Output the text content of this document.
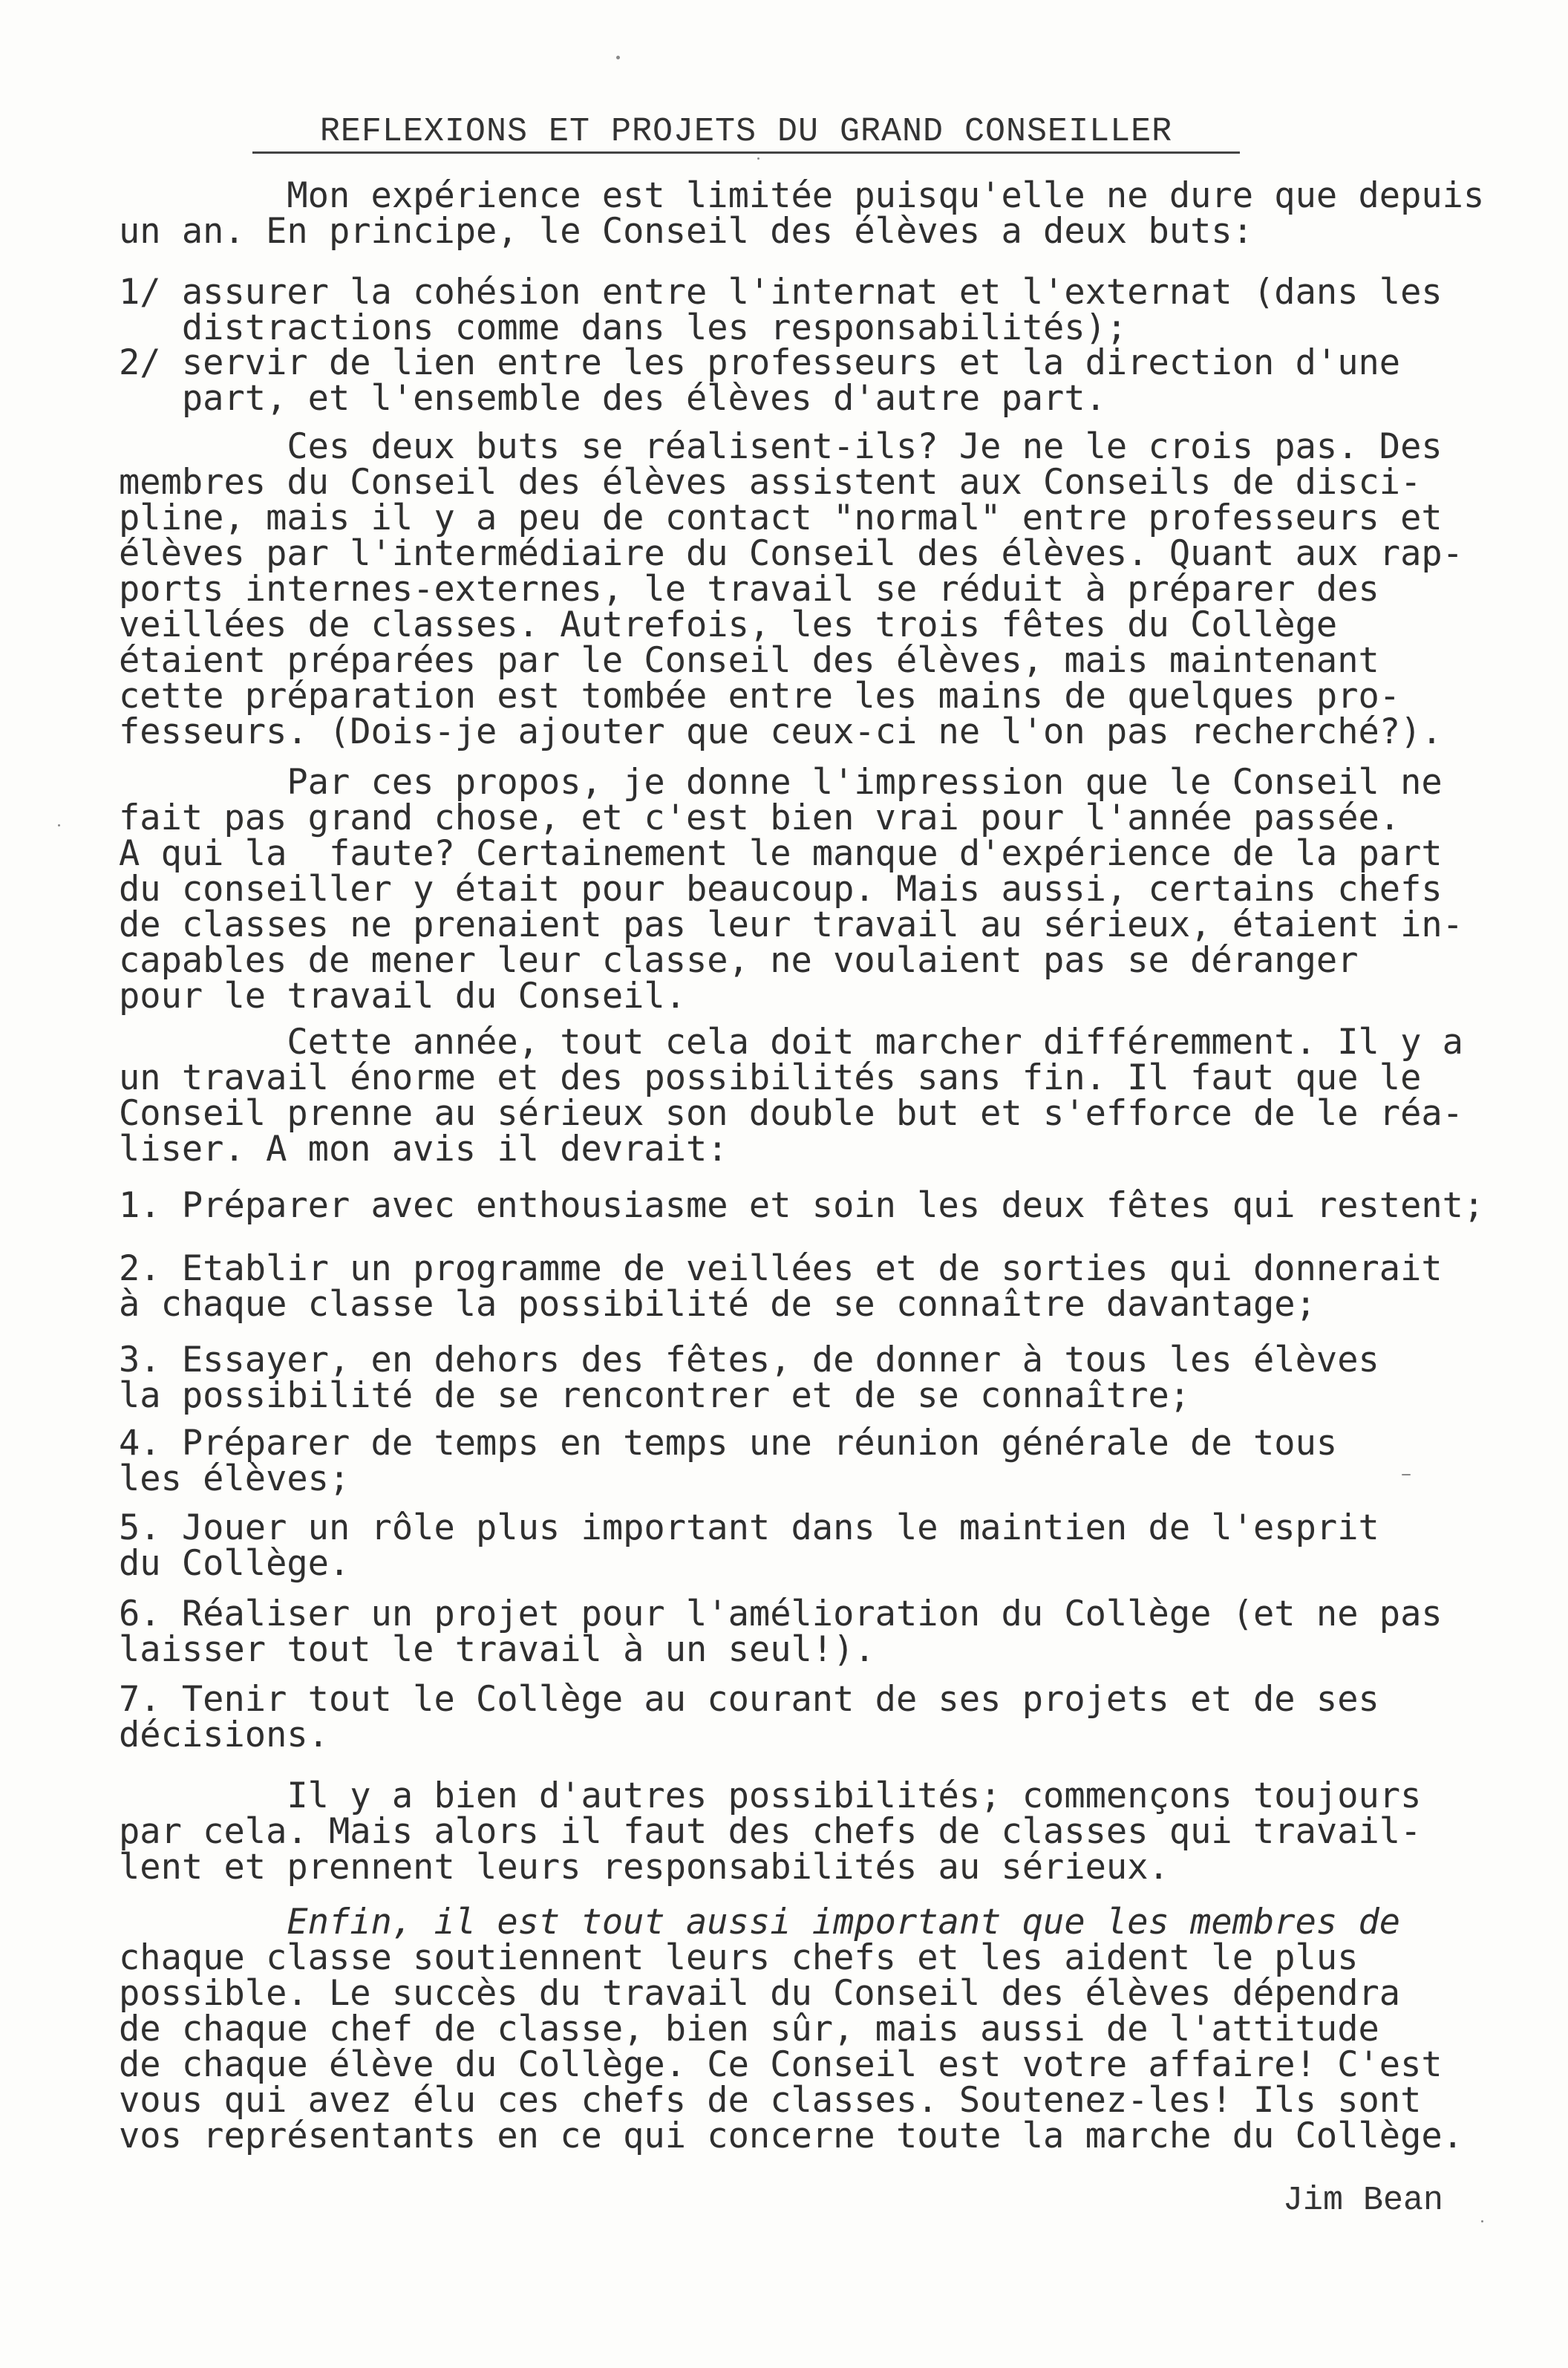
REFLEXIONS ET PROJETS DU GRAND CONSEILLER
Mon expérience est limitée puisqu'elle ne dure que depuis
un an. En principe, le Conseil des élèves a deux buts:
1/ assurer la cohésion entre l'internat et l'externat (dans les
distractions comme dans les responsabilités);
2/ servir de lien entre les professeurs et la direction d'une
part, et l'ensemble des élèves d'autre part.
Ces deux buts se réalisent-ils? Je ne le crois pas. Des
membres du Conseil des élèves assistent aux Conseils de disci-
pline, mais il y a peu de contact "normal" entre professeurs et
élèves par l'intermédiaire du Conseil des élèves. Quant aux rap-
ports internes-externes, le travail se réduit à préparer des
veillées de classes. Autrefois, les trois fêtes du Collège
étaient préparées par le Conseil des élèves, mais maintenant
cette préparation est tombée entre les mains de quelques pro-
fesseurs. (Dois-je ajouter que ceux-ci ne l'on pas recherché?).
Par ces propos, je donne l'impression que le Conseil ne
fait pas grand chose, et c'est bien vrai pour l'année passée.
A qui la  faute? Certainement le manque d'expérience de la part
du conseiller y était pour beaucoup. Mais aussi, certains chefs
de classes ne prenaient pas leur travail au sérieux, étaient in-
capables de mener leur classe, ne voulaient pas se déranger
pour le travail du Conseil.
Cette année, tout cela doit marcher différemment. Il y a
un travail énorme et des possibilités sans fin. Il faut que le
Conseil prenne au sérieux son double but et s'efforce de le réa-
liser. A mon avis il devrait:
1. Préparer avec enthousiasme et soin les deux fêtes qui restent;
2. Etablir un programme de veillées et de sorties qui donnerait
à chaque classe la possibilité de se connaître davantage;
3. Essayer, en dehors des fêtes, de donner à tous les élèves
la possibilité de se rencontrer et de se connaître;
4. Préparer de temps en temps une réunion générale de tous
les élèves;
5. Jouer un rôle plus important dans le maintien de l'esprit
du Collège.
6. Réaliser un projet pour l'amélioration du Collège (et ne pas
laisser tout le travail à un seul!).
7. Tenir tout le Collège au courant de ses projets et de ses
décisions.
Il y a bien d'autres possibilités; commençons toujours
par cela. Mais alors il faut des chefs de classes qui travail-
lent et prennent leurs responsabilités au sérieux.
Enfin, il est tout aussi important que les membres de
chaque classe soutiennent leurs chefs et les aident le plus
possible. Le succès du travail du Conseil des élèves dépendra
de chaque chef de classe, bien sûr, mais aussi de l'attitude
de chaque élève du Collège. Ce Conseil est votre affaire! C'est
vous qui avez élu ces chefs de classes. Soutenez-les! Ils sont
vos représentants en ce qui concerne toute la marche du Collège.
Jim Bean
